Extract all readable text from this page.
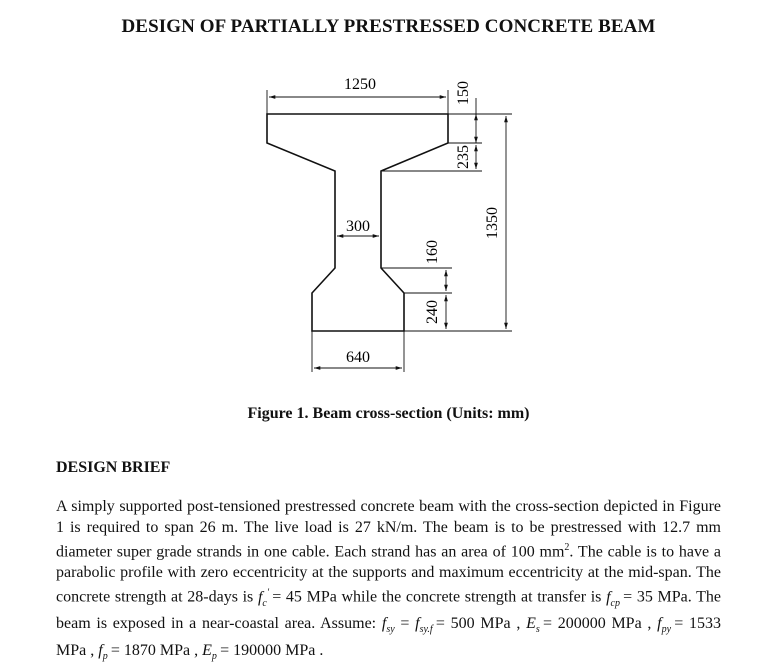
DESIGN OF PARTIALLY PRESTRESSED CONCRETE BEAM
1250	150
235
1350
300
160
240
640
Figure 1. Beam cross-section (Units: mm)
DESIGN BRIEF
A simply supported post-tensioned prestressed concrete beam with the cross-section depicted in Figure 1 is required to span 26 m. The live load is 27 kN/m. The beam is to be prestressed with 12.7 mm diameter super grade strands in one cable. Each strand has an area of 100 $mm^2$. The cable is to have a parabolic profile with zero eccentricity at the supports and maximum eccentricity at the mid-span. The concrete strength at 28-days is $f_c' = 45$ MPa while the concrete strength at transfer is $f_{cp} = 35$ MPa. The beam is exposed in a near-coastal area. Assume: $f_{sy} = f_{sy.f} = 500$ MPa , $E_s = 200000$ MPa , $f_{py} = 1533$ MPa , $f_p = 1870$ MPa , $E_p = 190000$ MPa .
